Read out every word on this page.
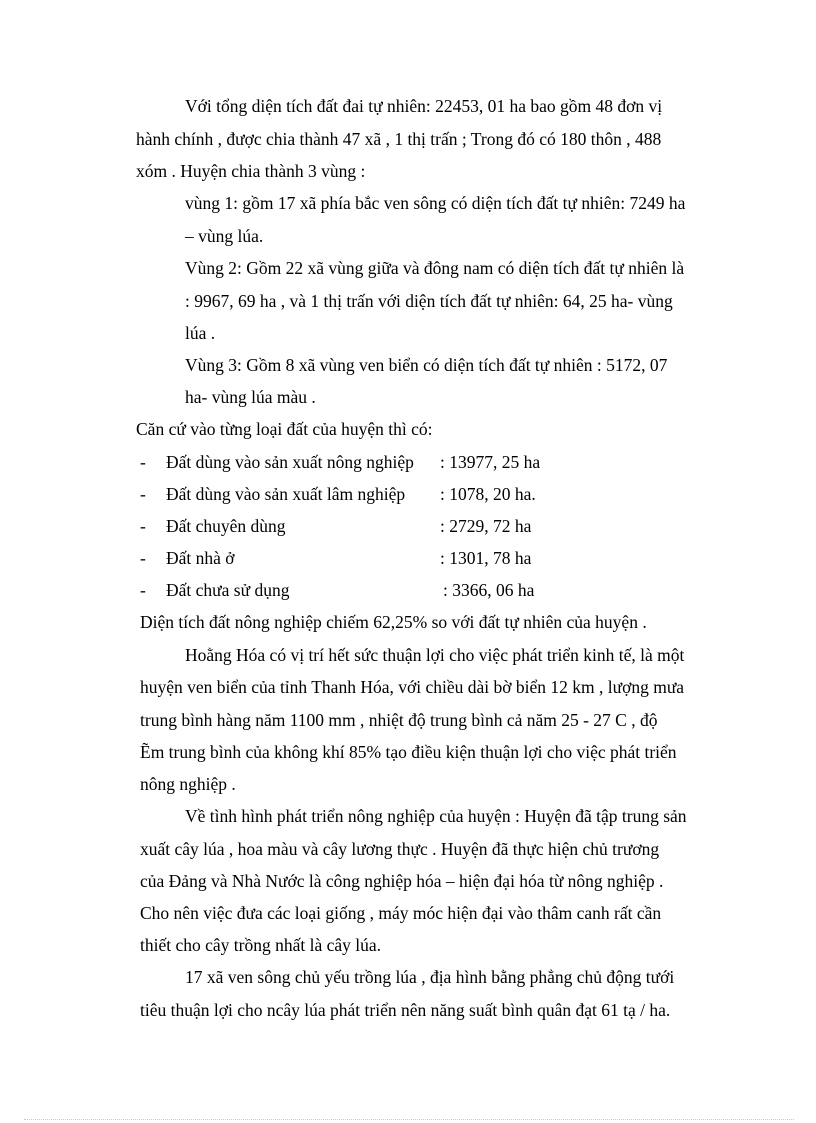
Với tổng diện tích đất đai tự nhiên: 22453, 01 ha bao gồm 48 đơn vị
hành chính , được chia thành 47 xã , 1 thị trấn ; Trong đó có 180 thôn , 488
xóm . Huyện chia thành 3 vùng :
vùng 1: gồm 17 xã phía bắc ven sông có diện tích đất tự nhiên: 7249 ha
– vùng lúa.
Vùng 2: Gồm 22 xã vùng giữa và đông nam có diện tích đất tự nhiên là
: 9967, 69 ha , và 1 thị trấn với diện tích đất tự nhiên: 64, 25 ha- vùng
lúa .
Vùng 3: Gồm 8 xã vùng ven biển có diện tích đất tự nhiên : 5172, 07
ha- vùng lúa màu .
Căn cứ vào từng loại đất của huyện thì có:
- Đất dùng vào sản xuất nông nghiệp : 13977, 25 ha
- Đất dùng vào sản xuất lâm nghiệp : 1078, 20 ha.
- Đất chuyên dùng	: 2729, 72 ha
- Đất nhà ở	: 1301, 78 ha
- Đất chưa sử dụng	: 3366, 06 ha
Diện tích đất nông nghiệp chiếm 62,25% so với đất tự nhiên của huyện .
Hoằng Hóa có vị trí hết sức thuận lợi cho việc phát triển kinh tế, là một
huyện ven biển của tỉnh Thanh Hóa, với chiều dài bờ biển 12 km , lượng mưa
trung bình hàng năm 1100 mm , nhiệt độ trung bình cả năm 25 - 27 C , độ
Ẽm trung bình của không khí 85% tạo điều kiện thuận lợi cho việc phát triển
nông nghiệp .
Về tình hình phát triển nông nghiệp của huyện : Huyện đã tập trung sản
xuất cây lúa , hoa màu và cây lương thực . Huyện đã thực hiện chủ trương
của Đảng và Nhà Nước là công nghiệp hóa – hiện đại hóa từ nông nghiệp .
Cho nên việc đưa các loại giống , máy móc hiện đại vào thâm canh rất cần
thiết cho cây trồng nhất là cây lúa.
17 xã ven sông chủ yếu trồng lúa , địa hình bằng phẳng chủ động tưới
tiêu thuận lợi cho ncây lúa phát triển nên năng suất bình quân đạt 61 tạ / ha.
